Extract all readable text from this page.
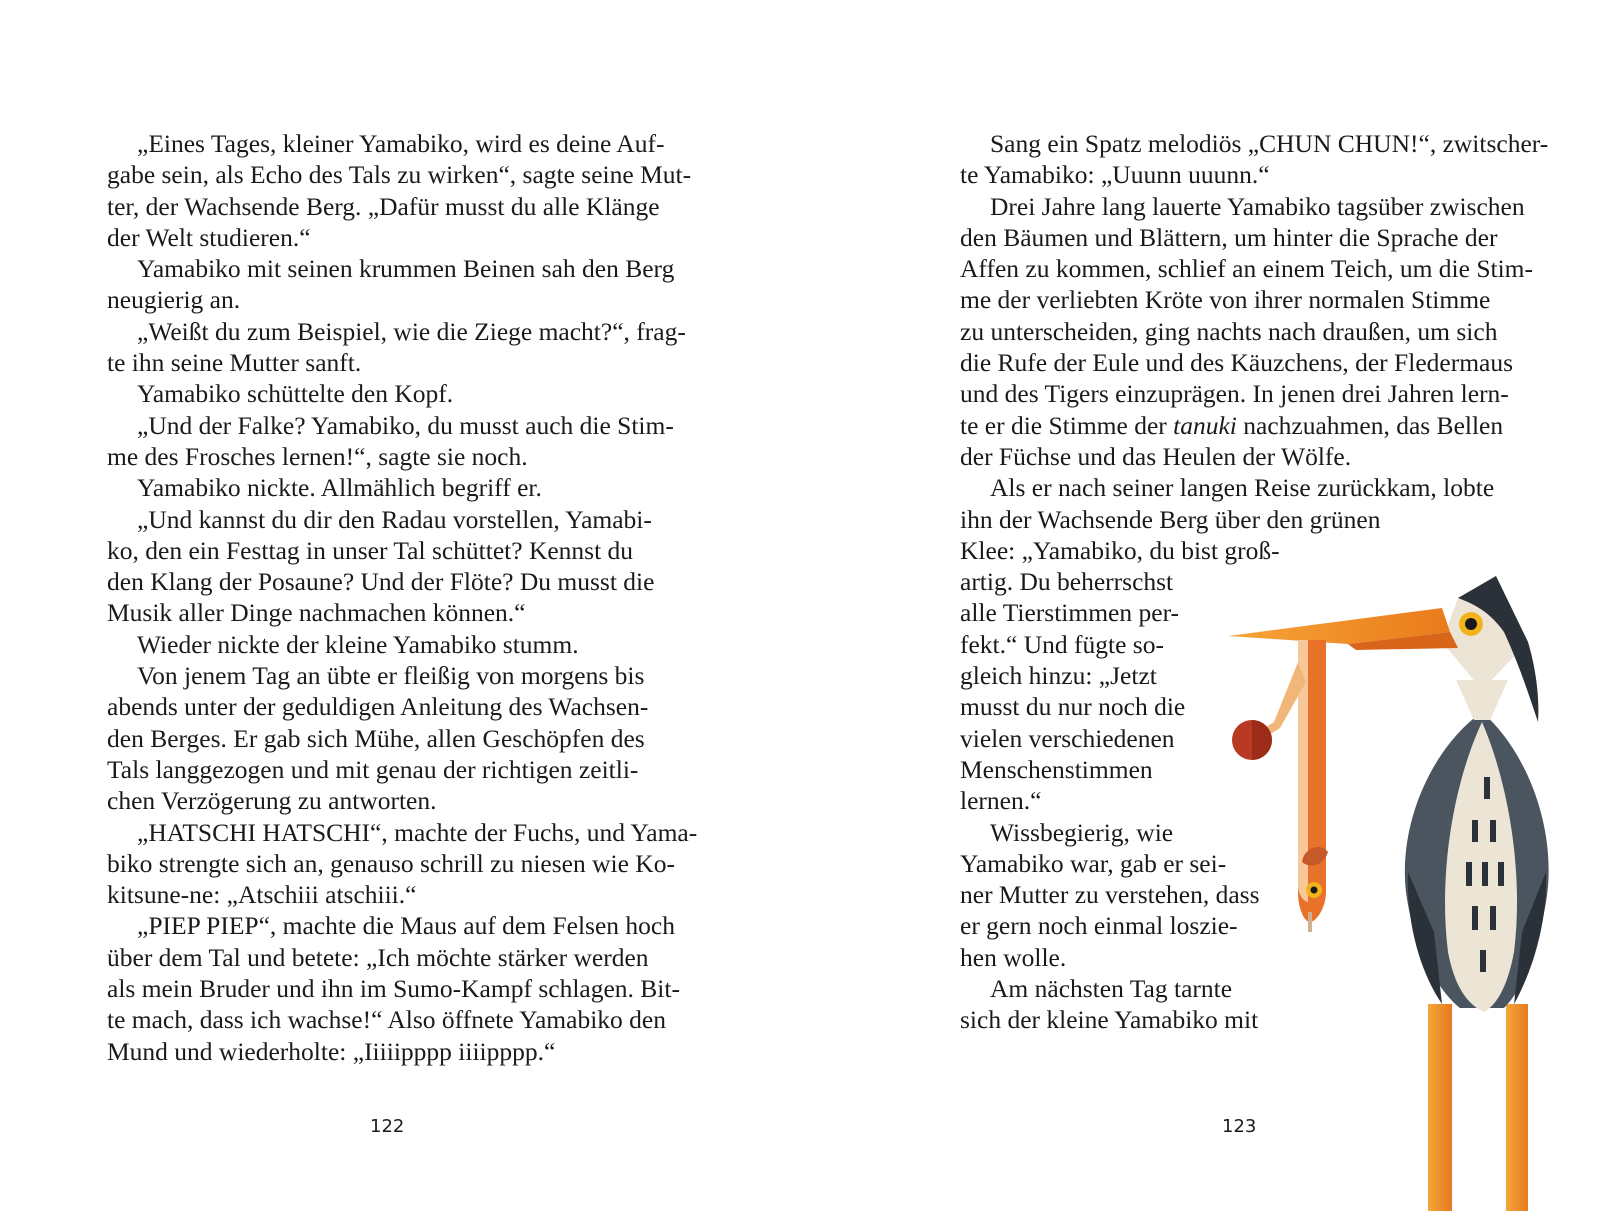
„Eines Tages, kleiner Yamabiko, wird es deine Auf-
gabe sein, als Echo des Tals zu wirken“, sagte seine Mut-
ter, der Wachsende Berg. „Dafür musst du alle Klänge
der Welt studieren.“
Yamabiko mit seinen krummen Beinen sah den Berg
neugierig an.
„Weißt du zum Beispiel, wie die Ziege macht?“, frag-
te ihn seine Mutter sanft.
Yamabiko schüttelte den Kopf.
„Und der Falke? Yamabiko, du musst auch die Stim-
me des Frosches lernen!“, sagte sie noch.
Yamabiko nickte. Allmählich begriff er.
„Und kannst du dir den Radau vorstellen, Yamabi-
ko, den ein Festtag in unser Tal schüttet? Kennst du
den Klang der Posaune? Und der Flöte? Du musst die
Musik aller Dinge nachmachen können.“
Wieder nickte der kleine Yamabiko stumm.
Von jenem Tag an übte er fleißig von morgens bis
abends unter der geduldigen Anleitung des Wachsen-
den Berges. Er gab sich Mühe, allen Geschöpfen des
Tals langgezogen und mit genau der richtigen zeitli-
chen Verzögerung zu antworten.
„HATSCHI HATSCHI“, machte der Fuchs, und Yama-
biko strengte sich an, genauso schrill zu niesen wie Ko-
kitsune-ne: „Atschiii atschiii.“
„PIEP PIEP“, machte die Maus auf dem Felsen hoch
über dem Tal und betete: „Ich möchte stärker werden
als mein Bruder und ihn im Sumo-Kampf schlagen. Bit-
te mach, dass ich wachse!“ Also öffnete Yamabiko den
Mund und wiederholte: „Iiiiipppp iiiipppp.“
122
Sang ein Spatz melodiös „CHUN CHUN!“, zwitscher-
te Yamabiko: „Uuunn uuunn.“
Drei Jahre lang lauerte Yamabiko tagsüber zwischen
den Bäumen und Blättern, um hinter die Sprache der
Affen zu kommen, schlief an einem Teich, um die Stim-
me der verliebten Kröte von ihrer normalen Stimme
zu unterscheiden, ging nachts nach draußen, um sich
die Rufe der Eule und des Käuzchens, der Fledermaus
und des Tigers einzuprägen. In jenen drei Jahren lern-
te er die Stimme der tanuki nachzuahmen, das Bellen
der Füchse und das Heulen der Wölfe.
Als er nach seiner langen Reise zurückkam, lobte
ihn der Wachsende Berg über den grünen
Klee: „Yamabiko, du bist groß-
artig. Du beherrschst
alle Tierstimmen per-
fekt.“ Und fügte so-
gleich hinzu: „Jetzt
musst du nur noch die
vielen verschiedenen
Menschenstimmen
lernen.“
Wissbegierig, wie
Yamabiko war, gab er sei-
ner Mutter zu verstehen, dass
er gern noch einmal loszie-
hen wolle.
Am nächsten Tag tarnte
sich der kleine Yamabiko mit
123
